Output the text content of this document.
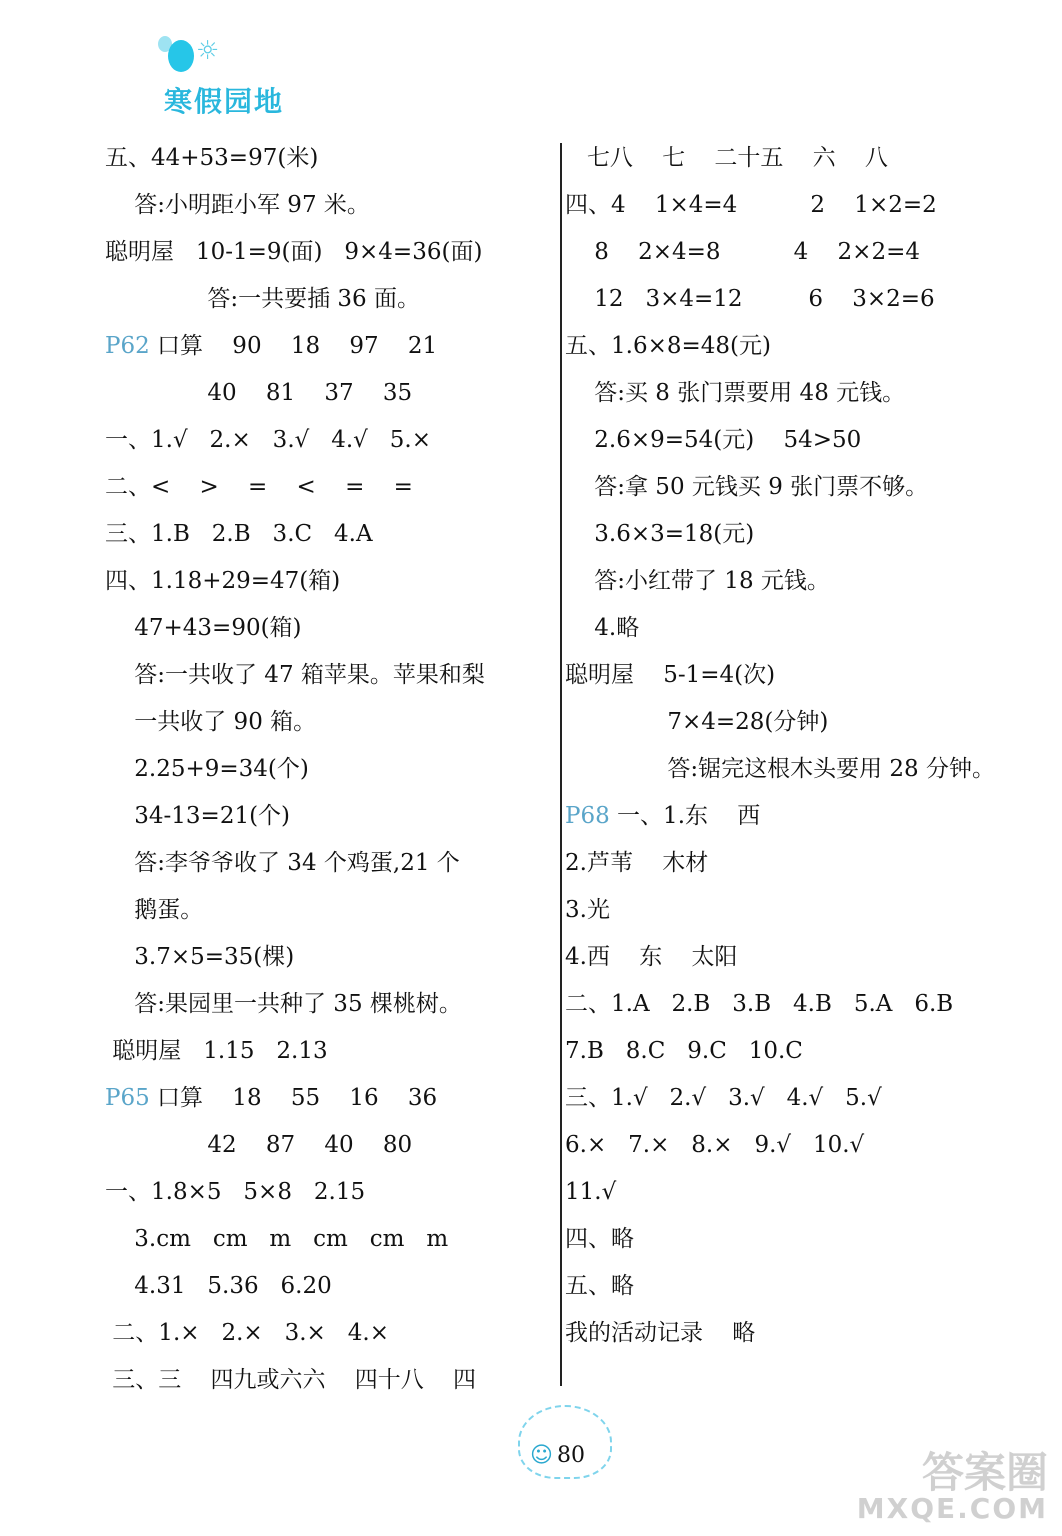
☼
寒假园地
五、44+53=97(米)
答:小明距小军 97 米。
聪明屋   10-1=9(面)   9×4=36(面)
答:一共要插 36 面。
P62 口算    90    18    97    21
40    81    37    35
一、1.√   2.×   3.√   4.√   5.×
二、<    >    =    <    =    =
三、1.B   2.B   3.C   4.A
四、1.18+29=47(箱)
47+43=90(箱)
答:一共收了 47 箱苹果。苹果和梨
一共收了 90 箱。
2.25+9=34(个)
34-13=21(个)
答:李爷爷收了 34 个鸡蛋,21 个
鹅蛋。
3.7×5=35(棵)
答:果园里一共种了 35 棵桃树。
聪明屋   1.15   2.13
P65 口算    18    55    16    36
42    87    40    80
一、1.8×5   5×8   2.15
3.cm   cm   m   cm   cm   m
4.31   5.36   6.20
二、1.×   2.×   3.×   4.×
三、三    四九或六六    四十八    四
七八    七    二十五    六    八
四、4    1×4=4          2    1×2=2
8    2×4=8          4    2×2=4
12   3×4=12         6    3×2=6
五、1.6×8=48(元)
答:买 8 张门票要用 48 元钱。
2.6×9=54(元)    54>50
答:拿 50 元钱买 9 张门票不够。
3.6×3=18(元)
答:小红带了 18 元钱。
4.略
聪明屋    5-1=4(次)
7×4=28(分钟)
答:锯完这根木头要用 28 分钟。
P68 一、1.东    西
2.芦苇    木材
3.光
4.西    东    太阳
二、1.A   2.B   3.B   4.B   5.A   6.B
7.B   8.C   9.C   10.C
三、1.√   2.√   3.√   4.√   5.√
6.×   7.×   8.×   9.√   10.√
11.√
四、略
五、略
我的活动记录    略
☺ 80	答案圈
MXQE.COM
